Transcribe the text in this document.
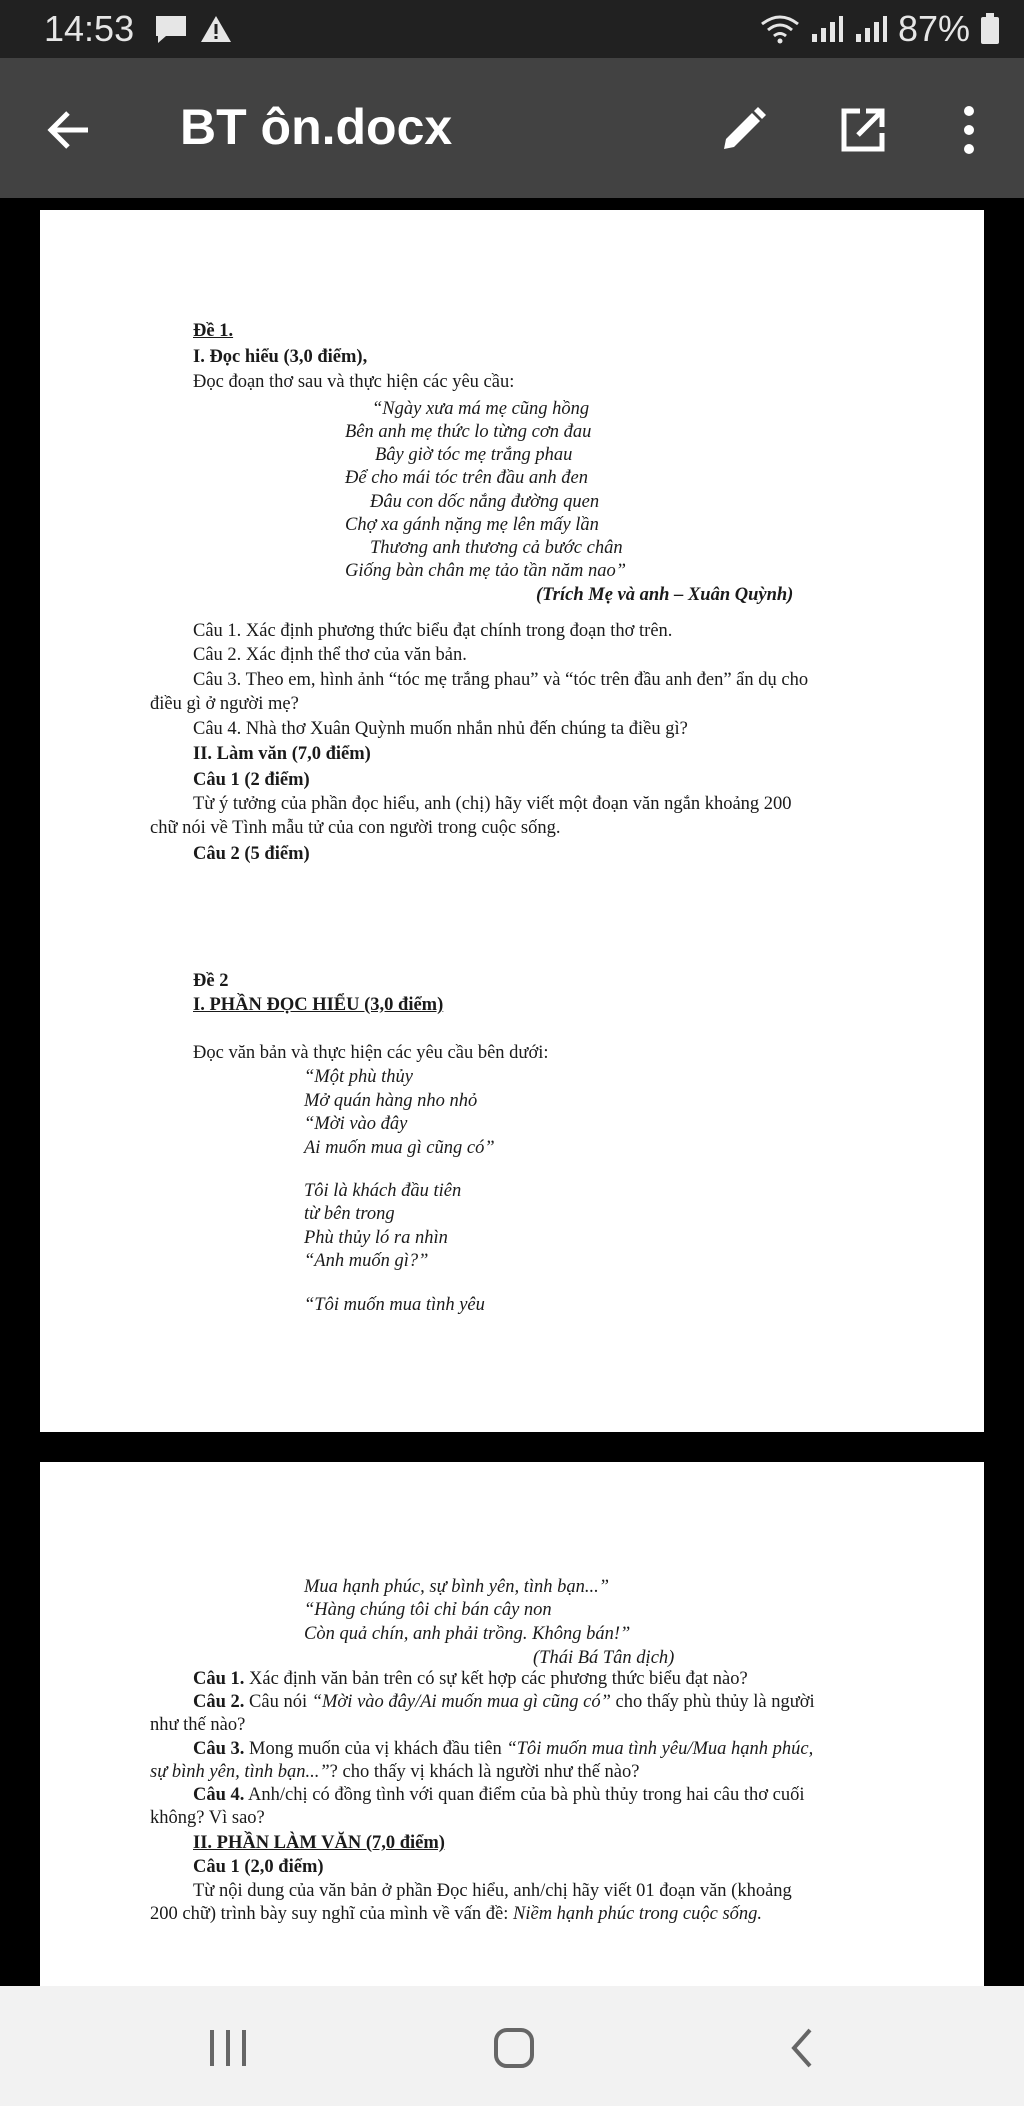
14:53	87%
BT ôn.docx
Đề 1.
I. Đọc hiểu (3,0 điểm),
Đọc đoạn thơ sau và thực hiện các yêu cầu:
“Ngày xưa má mẹ cũng hồng
Bên anh mẹ thức lo từng cơn đau
Bây giờ tóc mẹ trắng phau
Để cho mái tóc trên đầu anh đen
Đâu con dốc nắng đường quen
Chợ xa gánh nặng mẹ lên mấy lần
Thương anh thương cả bước chân
Giống bàn chân mẹ tảo tần năm nao”
(Trích Mẹ và anh – Xuân Quỳnh)
Câu 1. Xác định phương thức biểu đạt chính trong đoạn thơ trên.
Câu 2. Xác định thể thơ của văn bản.
Câu 3. Theo em, hình ảnh “tóc mẹ trắng phau” và “tóc trên đầu anh đen” ẩn dụ cho
điều gì ở người mẹ?
Câu 4. Nhà thơ Xuân Quỳnh muốn nhắn nhủ đến chúng ta điều gì?
II. Làm văn (7,0 điểm)
Câu 1 (2 điểm)
Từ ý tưởng của phần đọc hiểu, anh (chị) hãy viết một đoạn văn ngắn khoảng 200
chữ nói về Tình mẫu tử của con người trong cuộc sống.
Câu 2 (5 điểm)
Đề 2
I. PHẦN ĐỌC HIỂU (3,0 điểm)
Đọc văn bản và thực hiện các yêu cầu bên dưới:
“Một phù thủy
Mở quán hàng nho nhỏ
“Mời vào đây
Ai muốn mua gì cũng có”
Tôi là khách đầu tiên
từ bên trong
Phù thủy ló ra nhìn
“Anh muốn gì?”
“Tôi muốn mua tình yêu
Mua hạnh phúc, sự bình yên, tình bạn...”
“Hàng chúng tôi chỉ bán cây non
Còn quả chín, anh phải trồng. Không bán!”
(Thái Bá Tân dịch)
Câu 1. Xác định văn bản trên có sự kết hợp các phương thức biểu đạt nào?
Câu 2. Câu nói “Mời vào đây/Ai muốn mua gì cũng có” cho thấy phù thủy là người
như thế nào?
Câu 3. Mong muốn của vị khách đầu tiên “Tôi muốn mua tình yêu/Mua hạnh phúc,
sự bình yên, tình bạn...”? cho thấy vị khách là người như thế nào?
Câu 4. Anh/chị có đồng tình với quan điểm của bà phù thủy trong hai câu thơ cuối
không? Vì sao?
II. PHẦN LÀM VĂN (7,0 điểm)
Câu 1 (2,0 điểm)
Từ nội dung của văn bản ở phần Đọc hiểu, anh/chị hãy viết 01 đoạn văn (khoảng
200 chữ) trình bày suy nghĩ của mình về vấn đề: Niềm hạnh phúc trong cuộc sống.
